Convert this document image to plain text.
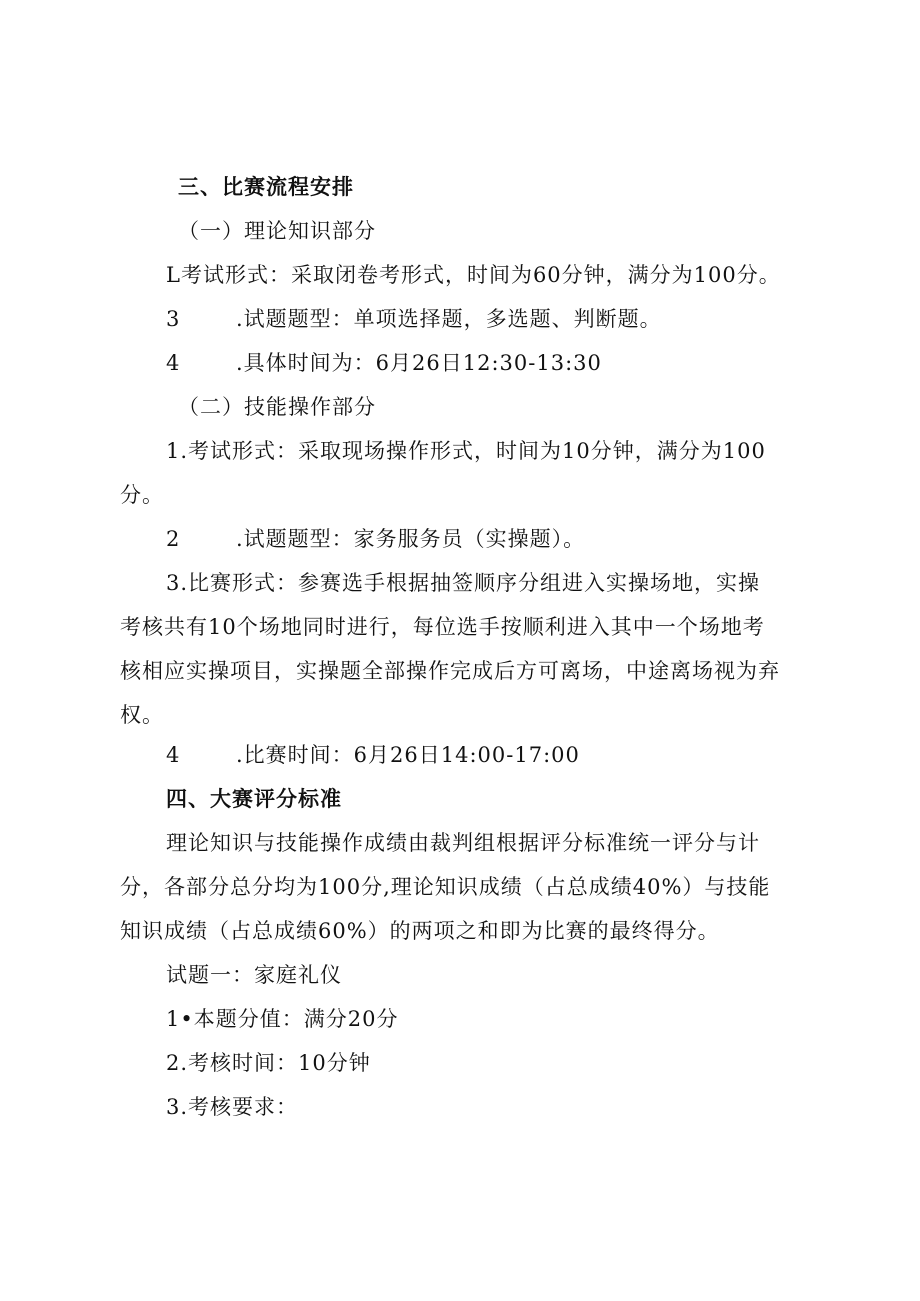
三、比赛流程安排
（一）理论知识部分
L考试形式：采取闭卷考形式，时间为60分钟，满分为100分。
3	.试题题型：单项选择题，多选题、判断题。
4	.具体时间为：6月26日12:30-13:30
（二）技能操作部分
1.考试形式：采取现场操作形式，时间为10分钟，满分为100
分。
2	.试题题型：家务服务员（实操题）。
3.比赛形式：参赛选手根据抽签顺序分组进入实操场地，实操
考核共有10个场地同时进行，每位选手按顺利进入其中一个场地考
核相应实操项目，实操题全部操作完成后方可离场，中途离场视为弃
权。
4	.比赛时间：6月26日14:00-17:00
四、大赛评分标准
理论知识与技能操作成绩由裁判组根据评分标准统一评分与计
分，各部分总分均为100分,理论知识成绩（占总成绩40%）与技能
知识成绩（占总成绩60%）的两项之和即为比赛的最终得分。
试题一：家庭礼仪
1•本题分值：满分20分
2.考核时间：10分钟
3.考核要求：
